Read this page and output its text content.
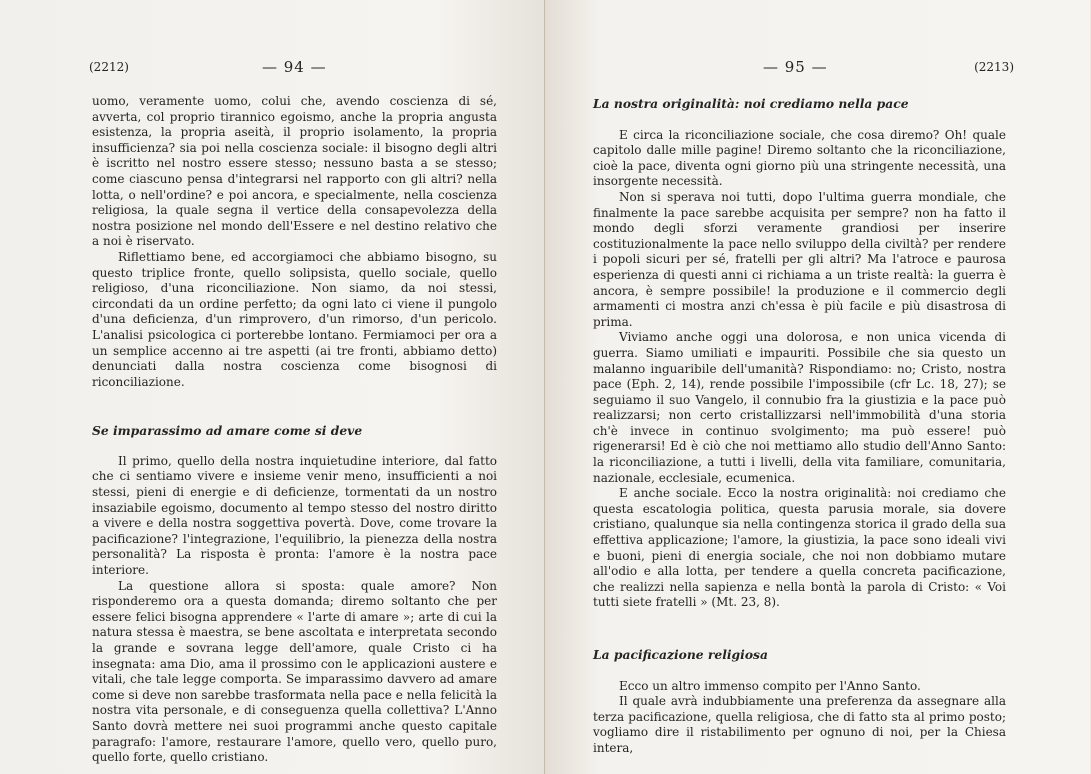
(2212)	— 94 —

uomo, veramente uomo, colui che, avendo coscienza di sé, avverta, col proprio tirannico egoismo, anche la propria angusta esistenza, la propria aseità, il proprio isolamento, la propria insufficienza? sia poi nella coscienza sociale: il bisogno degli altri è iscritto nel nostro essere stesso; nessuno basta a se stesso; come ciascuno pensa d'integrarsi nel rapporto con gli altri? nella lotta, o nell'ordine? e poi ancora, e specialmente, nella coscienza religiosa, la quale segna il vertice della consapevolezza della nostra posizione nel mondo dell'Essere e nel destino relativo che a noi è riservato.

Riflettiamo bene, ed accorgiamoci che abbiamo bisogno, su questo triplice fronte, quello solipsista, quello sociale, quello religioso, d'una riconciliazione. Non siamo, da noi stessi, circondati da un ordine perfetto; da ogni lato ci viene il pungolo d'una deficienza, d'un rimprovero, d'un rimorso, d'un pericolo. L'analisi psicologica ci porterebbe lontano. Fermiamoci per ora a un semplice accenno ai tre aspetti (ai tre fronti, abbiamo detto) denunciati dalla nostra coscienza come bisognosi di riconciliazione.

Se imparassimo ad amare come si deve

Il primo, quello della nostra inquietudine interiore, dal fatto che ci sentiamo vivere e insieme venir meno, insufficienti a noi stessi, pieni di energie e di deficienze, tormentati da un nostro insaziabile egoismo, documento al tempo stesso del nostro diritto a vivere e della nostra soggettiva povertà. Dove, come trovare la pacificazione? l'integrazione, l'equilibrio, la pienezza della nostra personalità? La risposta è pronta: l'amore è la nostra pace interiore.

La questione allora si sposta: quale amore? Non risponderemo ora a questa domanda; diremo soltanto che per essere felici bisogna apprendere « l'arte di amare »; arte di cui la natura stessa è maestra, se bene ascoltata e interpretata secondo la grande e sovrana legge dell'amore, quale Cristo ci ha insegnata: ama Dio, ama il prossimo con le applicazioni austere e vitali, che tale legge comporta. Se imparassimo davvero ad amare come si deve non sarebbe trasformata nella pace e nella felicità la nostra vita personale, e di conseguenza quella collettiva? L'Anno Santo dovrà mettere nei suoi programmi anche questo capitale paragrafo: l'amore, restaurare l'amore, quello vero, quello puro, quello forte, quello cristiano.

— 95 —	(2213)
La nostra originalità: noi crediamo nella pace

E circa la riconciliazione sociale, che cosa diremo? Oh! quale capitolo dalle mille pagine! Diremo soltanto che la riconciliazione, cioè la pace, diventa ogni giorno più una stringente necessità, una insorgente necessità.

Non si sperava noi tutti, dopo l'ultima guerra mondiale, che finalmente la pace sarebbe acquisita per sempre? non ha fatto il mondo degli sforzi veramente grandiosi per inserire costituzionalmente la pace nello sviluppo della civiltà? per rendere i popoli sicuri per sé, fratelli per gli altri? Ma l'atroce e paurosa esperienza di questi anni ci richiama a un triste realtà: la guerra è ancora, è sempre possibile! la produzione e il commercio degli armamenti ci mostra anzi ch'essa è più facile e più disastrosa di prima.

Viviamo anche oggi una dolorosa, e non unica vicenda di guerra. Siamo umiliati e impauriti. Possibile che sia questo un malanno inguaribile dell'umanità? Rispondiamo: no; Cristo, nostra pace (Eph. 2, 14), rende possibile l'impossibile (cfr Lc. 18, 27); se seguiamo il suo Vangelo, il connubio fra la giustizia e la pace può realizzarsi; non certo cristallizzarsi nell'immobilità d'una storia ch'è invece in continuo svolgimento; ma può essere! può rigenerarsi! Ed è ciò che noi mettiamo allo studio dell'Anno Santo: la riconciliazione, a tutti i livelli, della vita familiare, comunitaria, nazionale, ecclesiale, ecumenica.

E anche sociale. Ecco la nostra originalità: noi crediamo che questa escatologia politica, questa parusia morale, sia dovere cristiano, qualunque sia nella contingenza storica il grado della sua effettiva applicazione; l'amore, la giustizia, la pace sono ideali vivi e buoni, pieni di energia sociale, che noi non dobbiamo mutare all'odio e alla lotta, per tendere a quella concreta pacificazione, che realizzi nella sapienza e nella bontà la parola di Cristo: « Voi tutti siete fratelli » (Mt. 23, 8).

La pacificazione religiosa

Ecco un altro immenso compito per l'Anno Santo.

Il quale avrà indubbiamente una preferenza da assegnare alla terza pacificazione, quella religiosa, che di fatto sta al primo posto; vogliamo dire il ristabilimento per ognuno di noi, per la Chiesa intera,
